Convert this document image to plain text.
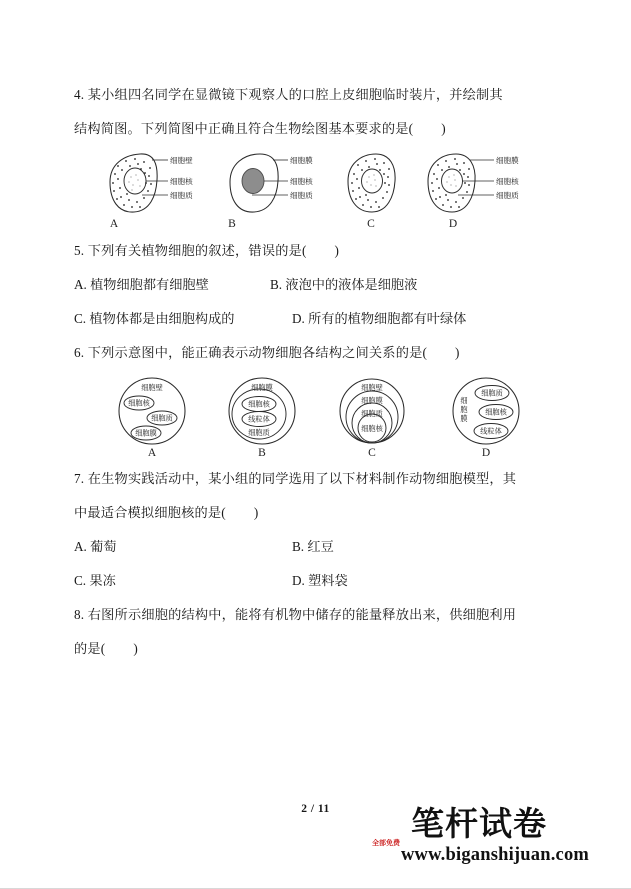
4. 某小组四名同学在显微镜下观察人的口腔上皮细胞临时装片，并绘制其
结构简图。下列简图中正确且符合生物绘图基本要求的是(        )
细胞壁
细胞核
细胞质
A
细胞膜
细胞核
细胞质
B	C
细胞膜
细胞核
细胞质
D
5. 下列有关植物细胞的叙述，错误的是(        )
A. 植物细胞都有细胞壁	B. 液泡中的液体是细胞液
C. 植物体都是由细胞构成的	D. 所有的植物细胞都有叶绿体
6. 下列示意图中，能正确表示动物细胞各结构之间关系的是(        )
细胞壁
细胞核
细胞质
细胞膜
A
细胞膜
细胞核
线粒体
细胞质
B
细胞壁
细胞膜
细胞质
细胞核
C
细
胞
膜
细胞质
细胞核
线粒体
D
7. 在生物实践活动中，某小组的同学选用了以下材料制作动物细胞模型，其
中最适合模拟细胞核的是(        )
A. 葡萄	B. 红豆
C. 果冻	D. 塑料袋
8. 右图所示细胞的结构中，能将有机物中储存的能量释放出来，供细胞利用
的是(        )
2 / 11	笔杆试卷
全部免费
www.biganshijuan.com
